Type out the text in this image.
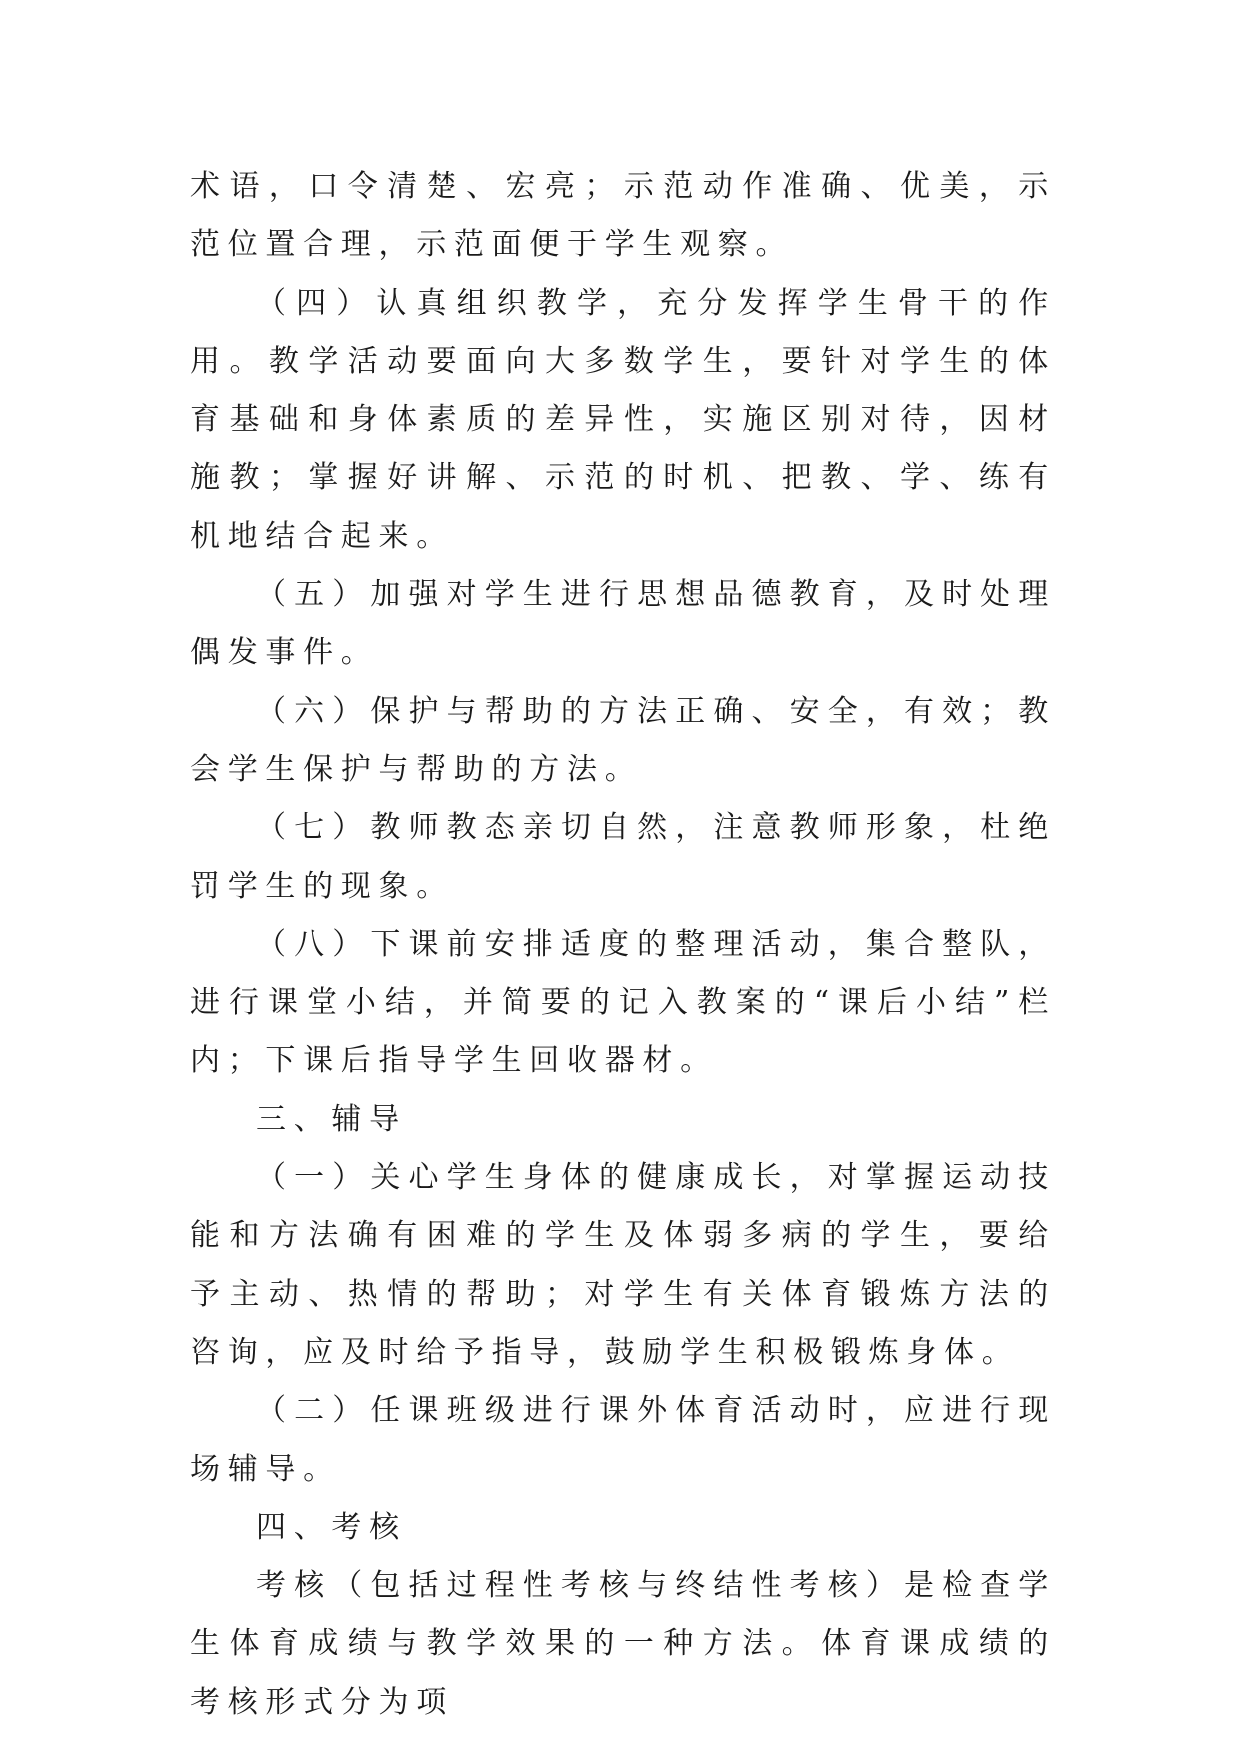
术语，口令清楚、宏亮；示范动作准确、优美，示范位置合理，示范面便于学生观察。

（四）认真组织教学，充分发挥学生骨干的作用。教学活动要面向大多数学生，要针对学生的体育基础和身体素质的差异性，实施区别对待，因材施教；掌握好讲解、示范的时机、把教、学、练有机地结合起来。

（五）加强对学生进行思想品德教育，及时处理偶发事件。

（六）保护与帮助的方法正确、安全，有效；教会学生保护与帮助的方法。

（七）教师教态亲切自然，注意教师形象，杜绝罚学生的现象。

（八）下课前安排适度的整理活动，集合整队，进行课堂小结，并简要的记入教案的“课后小结”栏内；下课后指导学生回收器材。

三、辅导

（一）关心学生身体的健康成长，对掌握运动技能和方法确有困难的学生及体弱多病的学生，要给予主动、热情的帮助；对学生有关体育锻炼方法的咨询，应及时给予指导，鼓励学生积极锻炼身体。

（二）任课班级进行课外体育活动时，应进行现场辅导。

四、考核

考核（包括过程性考核与终结性考核）是检查学生体育成绩与教学效果的一种方法。体育课成绩的考核形式分为项
